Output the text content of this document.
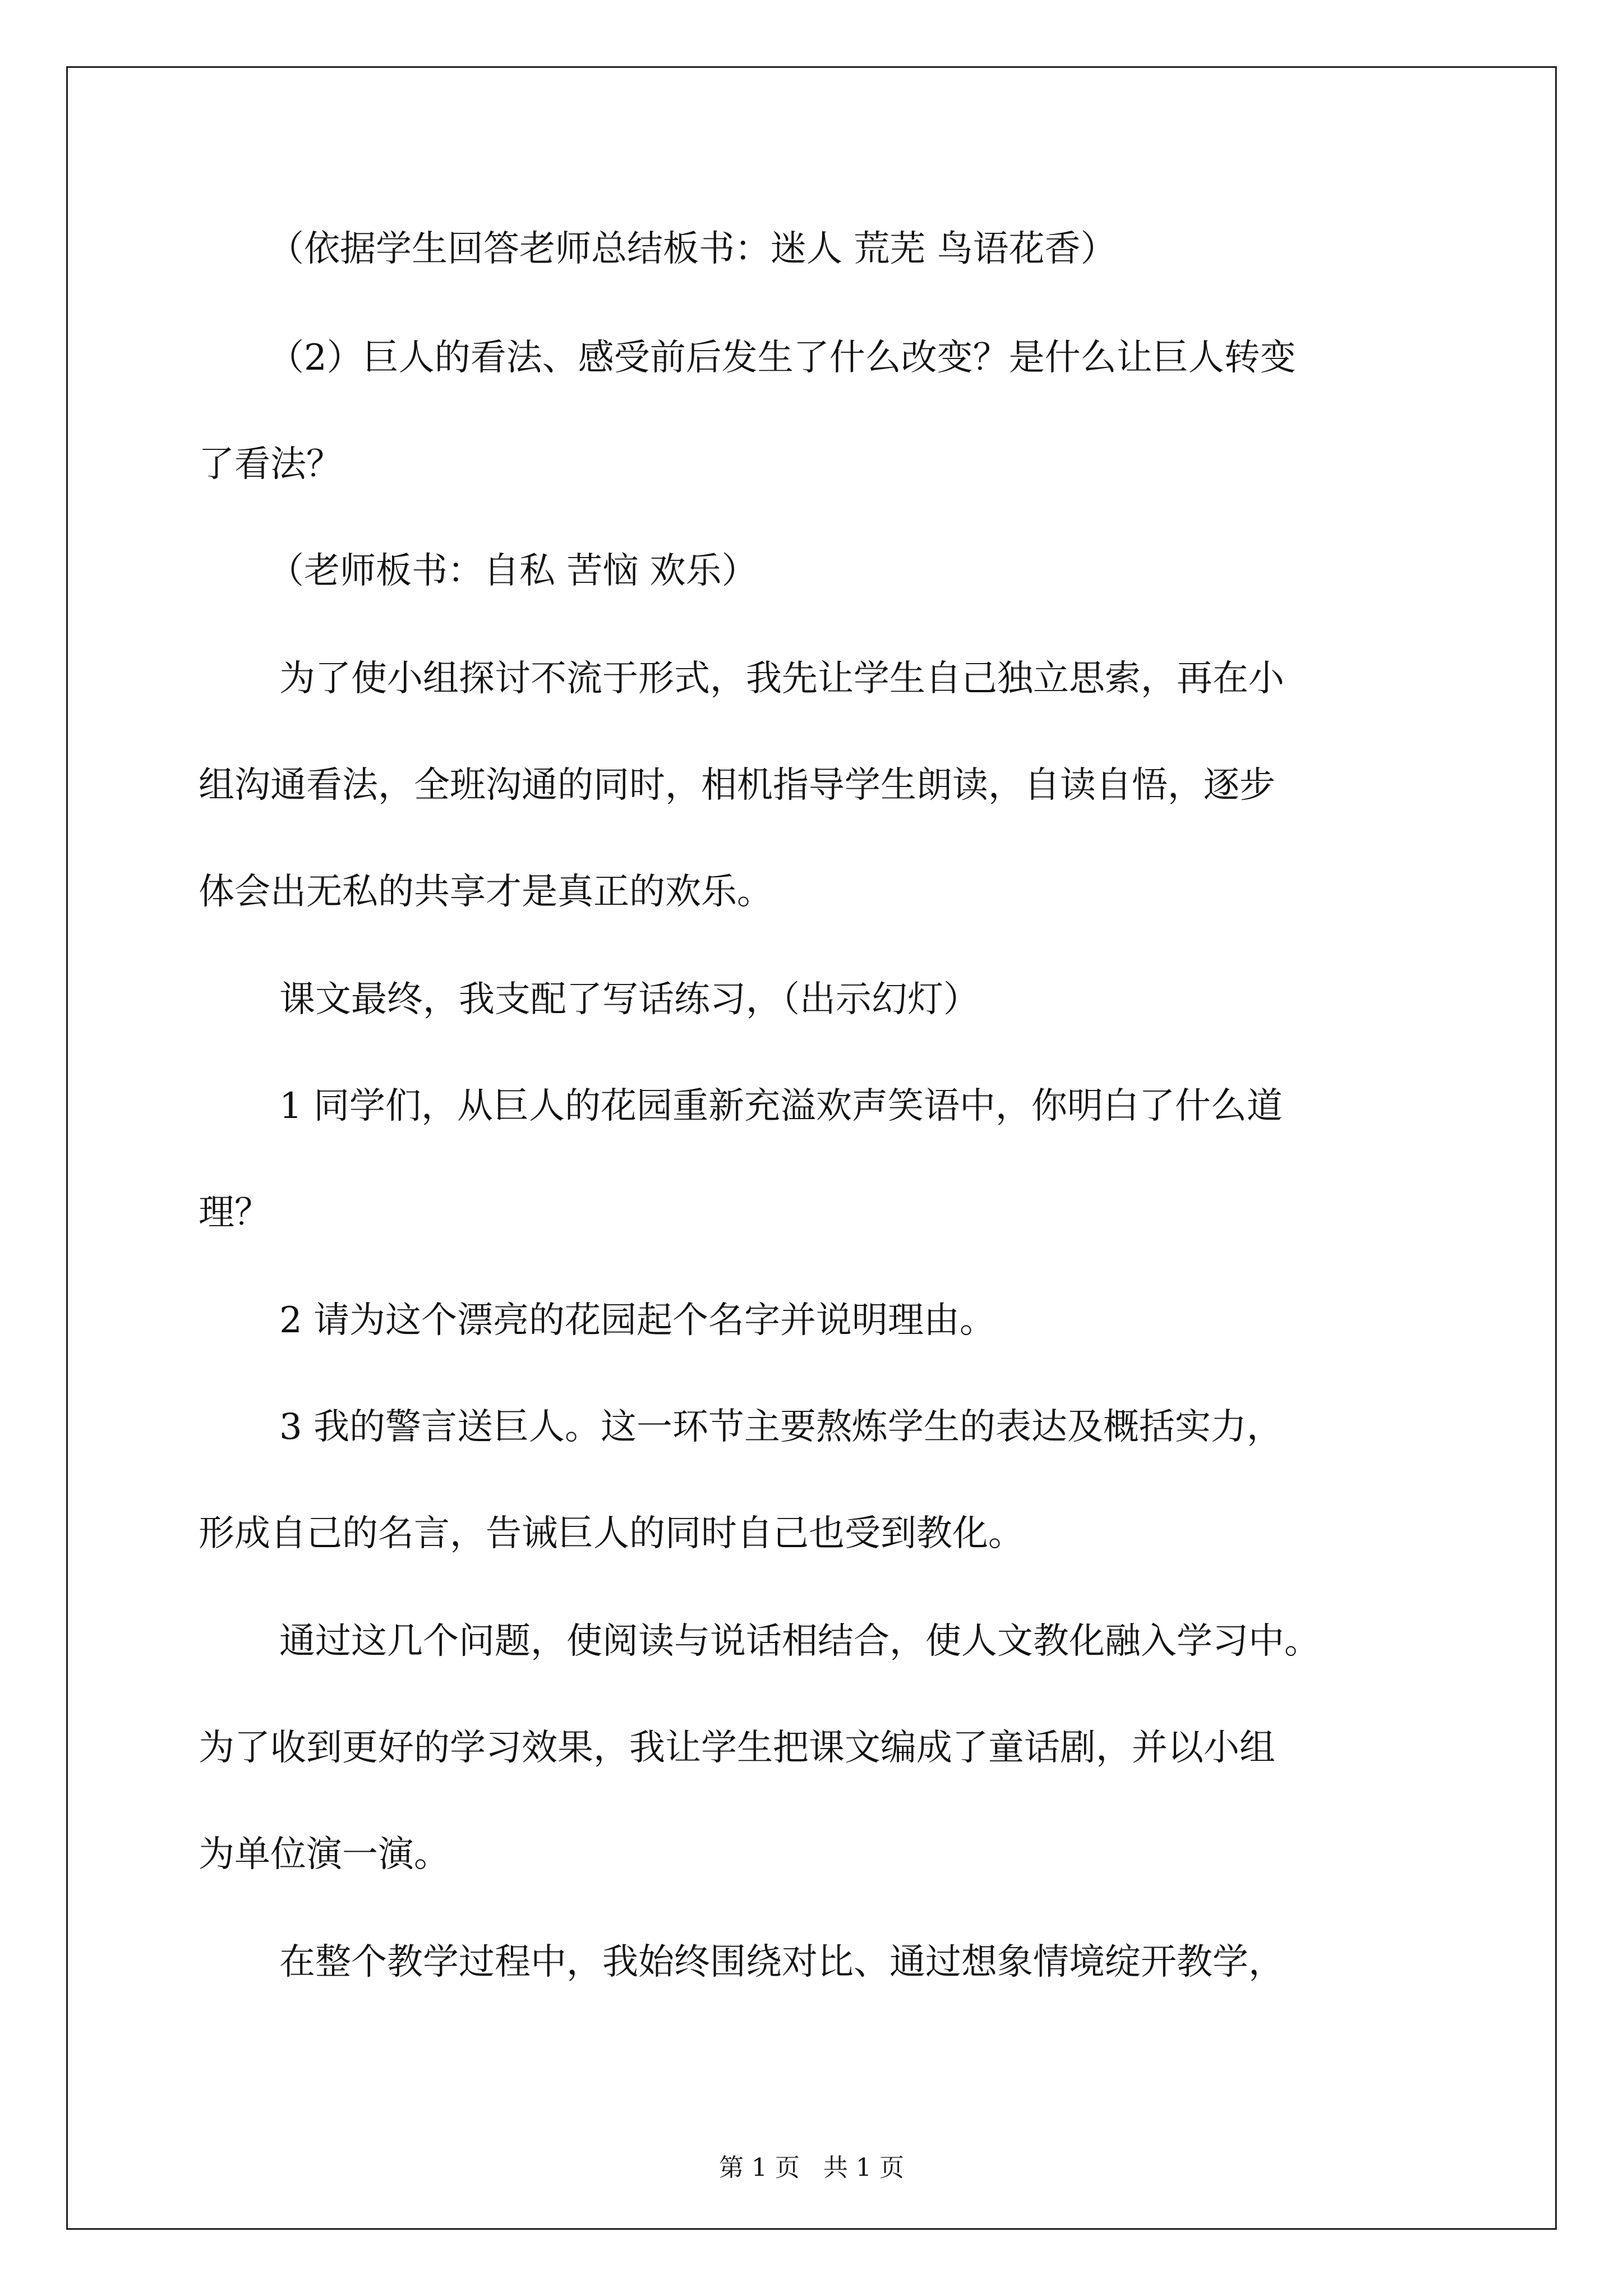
（依据学生回答老师总结板书：迷人 荒芜 鸟语花香）
（2）巨人的看法、感受前后发生了什么改变？是什么让巨人转变
了看法？
（老师板书：自私 苦恼 欢乐）
为了使小组探讨不流于形式，我先让学生自己独立思索，再在小
组沟通看法，全班沟通的同时，相机指导学生朗读，自读自悟，逐步
体会出无私的共享才是真正的欢乐。
课文最终，我支配了写话练习，（出示幻灯）
1 同学们，从巨人的花园重新充溢欢声笑语中，你明白了什么道
理？
2 请为这个漂亮的花园起个名字并说明理由。
3 我的警言送巨人。这一环节主要熬炼学生的表达及概括实力，
形成自己的名言，告诫巨人的同时自己也受到教化。
通过这几个问题，使阅读与说话相结合，使人文教化融入学习中。
为了收到更好的学习效果，我让学生把课文编成了童话剧，并以小组
为单位演一演。
在整个教学过程中，我始终围绕对比、通过想象情境绽开教学，
第 1 页 共 1 页
